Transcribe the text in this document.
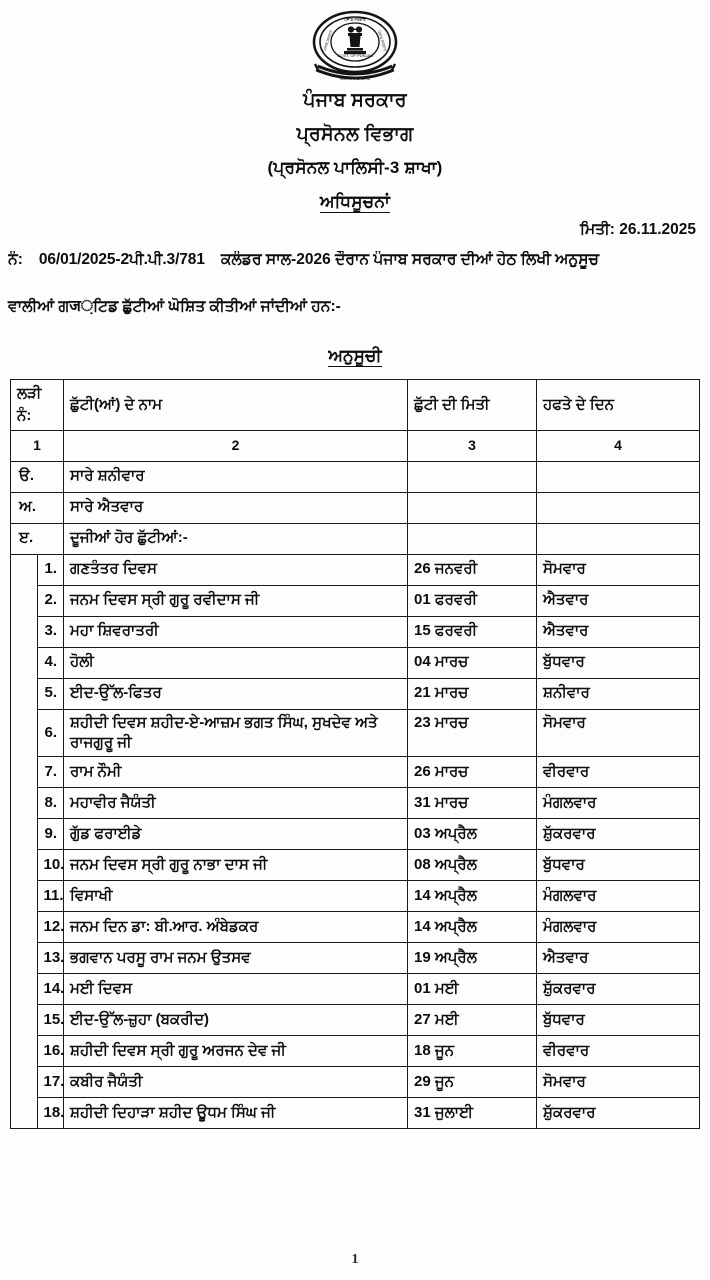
ਪੰਜਾਬ ਸਰਕਾਰ
ਪੰਜਾਬ ਸਰਕਾਰ	ਪੰਜਾਬ ਸਰਕਾਰ
GOVT. OF PUNJAB
GOVT. PUNJAB
ਪੰਜਾਬ ਸਰਕਾਰ
ਪ੍ਰਸੋਨਲ ਵਿਭਾਗ
(ਪ੍ਰਸੋਨਲ ਪਾਲਿਸੀ-3 ਸ਼ਾਖਾ)
ਅਧਿਸੂਚਨਾਂ
ਮਿਤੀ: 26.11.2025
ਨੰ: 06/01/2025-2ਪੀ.ਪੀ.3/781 ਕਲੰਡਰ ਸਾਲ-2026 ਦੌਰਾਨ ਪੰਜਾਬ ਸਰਕਾਰ ਦੀਆਂ ਹੇਠ ਲਿਖੀ ਅਨੁਸੂਚ
ਵਾਲੀਆਂ ਗज਼ਟਿਡ ਛੁੱਟੀਆਂ ਘੋਸ਼ਿਤ ਕੀਤੀਆਂ ਜਾਂਦੀਆਂ ਹਨ:-
ਅਨੁਸੂਚੀ
ਲੜੀ
ਨੰ:		ਛੁੱਟੀ(ਆਂ) ਦੇ ਨਾਮ	ਛੁੱਟੀ ਦੀ ਮਿਤੀ	ਹਫਤੇ ਦੇ ਦਿਨ
1		2	3	4
ੳ.		ਸਾਰੇ ਸ਼ਨੀਵਾਰ		
ਅ.		ਸਾਰੇ ਐਤਵਾਰ		
ੲ.		ਦੂਜੀਆਂ ਹੋਰ ਛੁੱਟੀਆਂ:-		
	1.	ਗਣਤੰਤਰ ਦਿਵਸ	26 ਜਨਵਰੀ	ਸੋਮਵਾਰ
	2.	ਜਨਮ ਦਿਵਸ ਸ੍ਰੀ ਗੁਰੂ ਰਵੀਦਾਸ ਜੀ	01 ਫਰਵਰੀ	ਐਤਵਾਰ
	3.	ਮਹਾ ਸ਼ਿਵਰਾਤਰੀ	15 ਫਰਵਰੀ	ਐਤਵਾਰ
	4.	ਹੋਲੀ	04 ਮਾਰਚ	ਬੁੱਧਵਾਰ
	5.	ਈਦ-ਉੱਲ-ਫਿਤਰ	21 ਮਾਰਚ	ਸ਼ਨੀਵਾਰ
	6.	ਸ਼ਹੀਦੀ ਦਿਵਸ ਸ਼ਹੀਦ-ਏ-ਆਜ਼ਮ ਭਗਤ ਸਿੰਘ, ਸੁਖਦੇਵ ਅਤੇ ਰਾਜਗੁਰੂ ਜੀ	23 ਮਾਰਚ	ਸੋਮਵਾਰ
	7.	ਰਾਮ ਨੌਮੀ	26 ਮਾਰਚ	ਵੀਰਵਾਰ
	8.	ਮਹਾਵੀਰ ਜੈਯੰਤੀ	31 ਮਾਰਚ	ਮੰਗਲਵਾਰ
	9.	ਗੁੱਡ ਫਰਾਈਡੇ	03 ਅਪ੍ਰੈਲ	ਸ਼ੁੱਕਰਵਾਰ
	10.	ਜਨਮ ਦਿਵਸ ਸ੍ਰੀ ਗੁਰੂ ਨਾਭਾ ਦਾਸ ਜੀ	08 ਅਪ੍ਰੈਲ	ਬੁੱਧਵਾਰ
	11.	ਵਿਸਾਖੀ	14 ਅਪ੍ਰੈਲ	ਮੰਗਲਵਾਰ
	12.	ਜਨਮ ਦਿਨ ਡਾ: ਬੀ.ਆਰ. ਅੰਬੇਡਕਰ	14 ਅਪ੍ਰੈਲ	ਮੰਗਲਵਾਰ
	13.	ਭਗਵਾਨ ਪਰਸੂ ਰਾਮ ਜਨਮ ਉਤਸਵ	19 ਅਪ੍ਰੈਲ	ਐਤਵਾਰ
	14.	ਮਈ ਦਿਵਸ	01 ਮਈ	ਸ਼ੁੱਕਰਵਾਰ
	15.	ਈਦ-ਉੱਲ-ਜ਼ੁਹਾ (ਬਕਰੀਦ)	27 ਮਈ	ਬੁੱਧਵਾਰ
	16.	ਸ਼ਹੀਦੀ ਦਿਵਸ ਸ੍ਰੀ ਗੁਰੂ ਅਰਜਨ ਦੇਵ ਜੀ	18 ਜੂਨ	ਵੀਰਵਾਰ
	17.	ਕਬੀਰ ਜੈਯੰਤੀ	29 ਜੂਨ	ਸੋਮਵਾਰ
	18.	ਸ਼ਹੀਦੀ ਦਿਹਾੜਾ ਸ਼ਹੀਦ ਊਧਮ ਸਿੰਘ ਜੀ	31 ਜੁਲਾਈ	ਸ਼ੁੱਕਰਵਾਰ
1
